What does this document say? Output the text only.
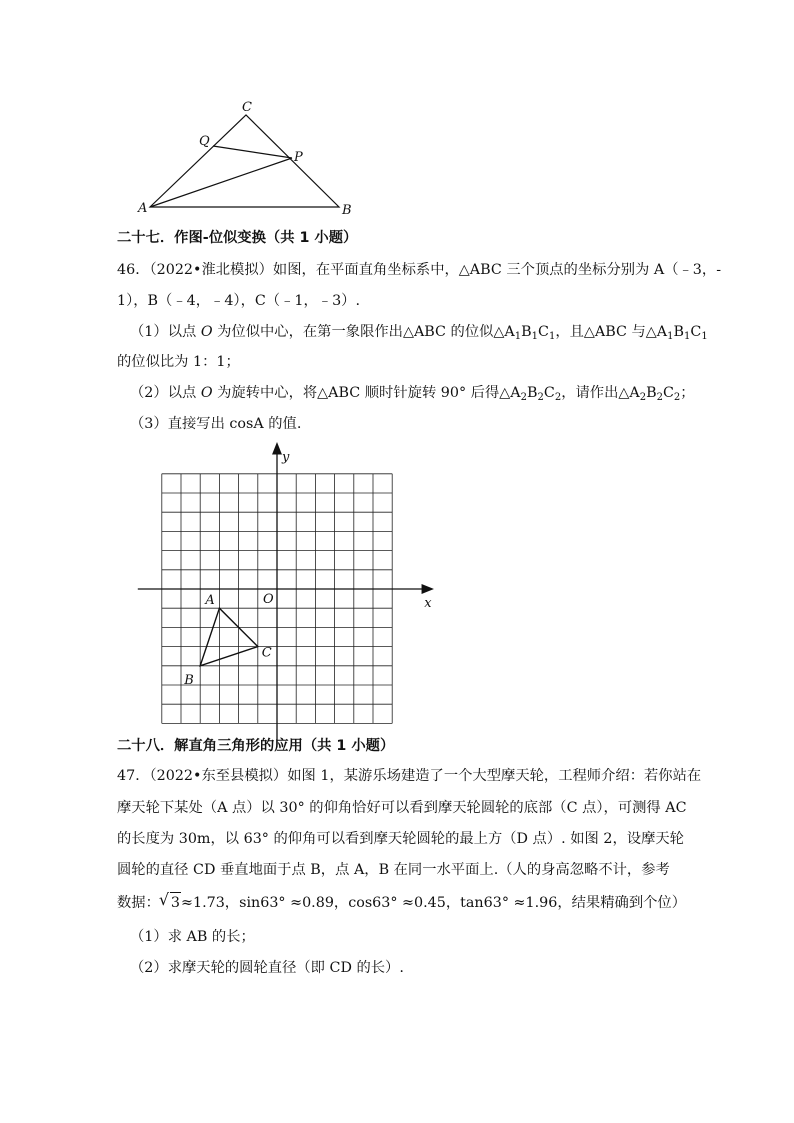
C
Q
P
A	B
二十七．作图-位似变换（共 1 小题）
46．（2022•淮北模拟）如图，在平面直角坐标系中，△ABC 三个顶点的坐标分别为 A（﹣3，-
1），B（﹣4，﹣4），C（﹣1，﹣3）.
（1）以点 O 为位似中心，在第一象限作出△ABC 的位似$\triangle A_1B_1C_1$，且△ABC 与$\triangle A_1B_1C_1$
的位似比为 1：1；
（2）以点 O 为旋转中心，将△ABC 顺时针旋转 90° 后得$\triangle A_2B_2C_2$，请作出$\triangle A_2B_2C_2$；
（3）直接写出 cosA 的值.
A
B
C
O	x
y
二十八．解直角三角形的应用（共 1 小题）
47．（2022•东至县模拟）如图 1，某游乐场建造了一个大型摩天轮，工程师介绍：若你站在
摩天轮下某处（A 点）以 30° 的仰角恰好可以看到摩天轮圆轮的底部（C 点），可测得 AC
的长度为 30m，以 63° 的仰角可以看到摩天轮圆轮的最上方（D 点）. 如图 2，设摩天轮
圆轮的直径 CD 垂直地面于点 B，点 A，B 在同一水平面上.（人的身高忽略不计，参考
数据： √ 3≈1.73，sin63° ≈0.89，cos63° ≈0.45，tan63° ≈1.96，结果精确到个位）
（1）求 AB 的长；
（2）求摩天轮的圆轮直径（即 CD 的长）.
